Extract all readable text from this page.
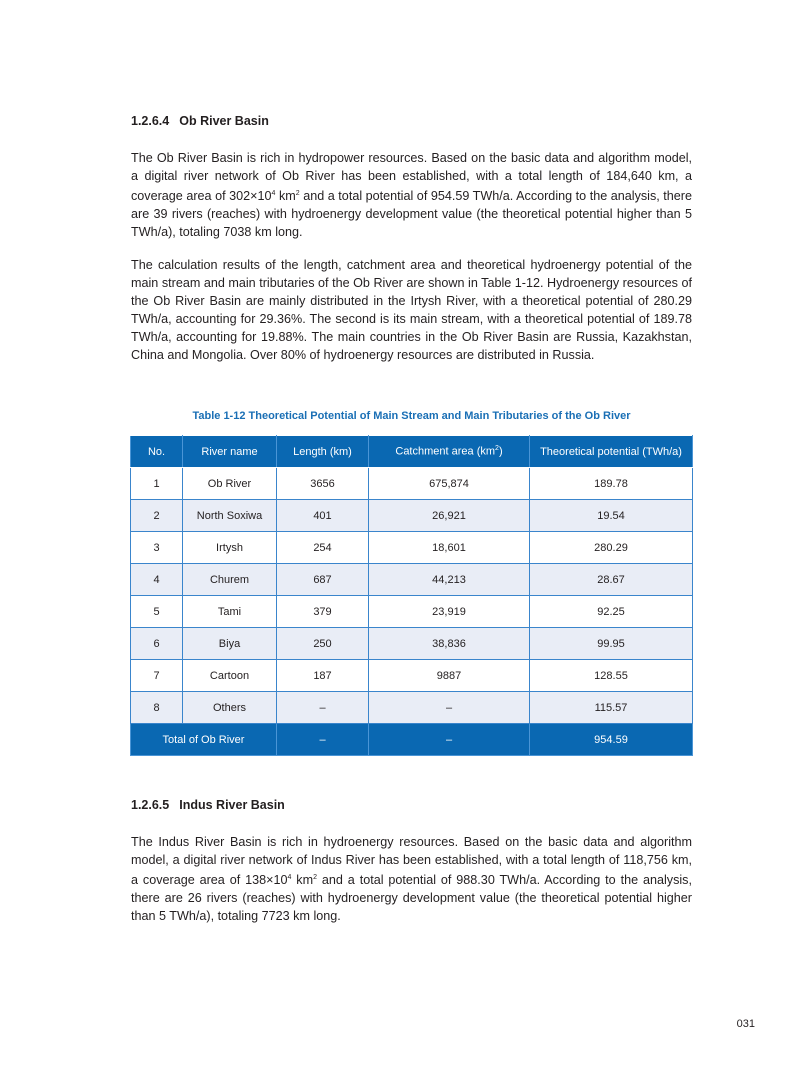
1.2.6.4 Ob River Basin

The Ob River Basin is rich in hydropower resources. Based on the basic data and algorithm model, a digital river network of Ob River has been established, with a total length of 184,640 km, a coverage area of $302\times 10^4$ $km^2$ and a total potential of 954.59 TWh/a. According to the analysis, there are 39 rivers (reaches) with hydroenergy development value (the theoretical potential higher than 5 TWh/a), totaling 7038 km long.

The calculation results of the length, catchment area and theoretical hydroenergy potential of the main stream and main tributaries of the Ob River are shown in Table 1-12. Hydroenergy resources of the Ob River Basin are mainly distributed in the Irtysh River, with a theoretical potential of 280.29 TWh/a, accounting for 29.36%. The second is its main stream, with a theoretical potential of 189.78 TWh/a, accounting for 19.88%. The main countries in the Ob River Basin are Russia, Kazakhstan, China and Mongolia. Over 80% of hydroenergy resources are distributed in Russia.

Table 1-12 Theoretical Potential of Main Stream and Main Tributaries of the Ob River
No.	River name	Length (km)	Catchment area $(km^2)$	Theoretical potential (TWh/a)
1	Ob River	3656	675,874	189.78
2	North Soxiwa	401	26,921	19.54
3	Irtysh	254	18,601	280.29
4	Churem	687	44,213	28.67
5	Tami	379	23,919	92.25
6	Biya	250	38,836	99.95
7	Cartoon	187	9887	128.55
8	Others	–	–	115.57
Total of Ob River		–	–	954.59
1.2.6.5 Indus River Basin

The Indus River Basin is rich in hydroenergy resources. Based on the basic data and algorithm model, a digital river network of Indus River has been established, with a total length of 118,756 km, a coverage area of $138\times 10^4$ $km^2$ and a total potential of 988.30 TWh/a. According to the analysis, there are 26 rivers (reaches) with hydroenergy development value (the theoretical potential higher than 5 TWh/a), totaling 7723 km long.

031
